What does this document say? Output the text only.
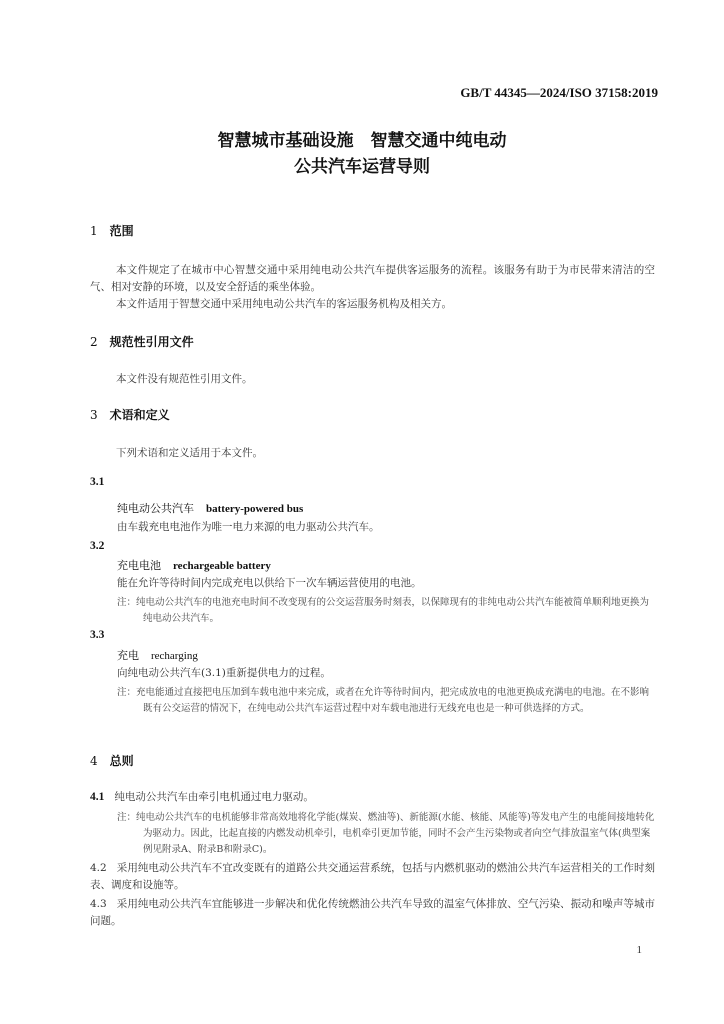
GB/T 44345—2024/ISO 37158:2019
智慧城市基础设施　智慧交通中纯电动
公共汽车运营导则
1 范围
本文件规定了在城市中心智慧交通中采用纯电动公共汽车提供客运服务的流程。该服务有助于为市民带来清洁的空气、相对安静的环境，以及安全舒适的乘坐体验。
本文件适用于智慧交通中采用纯电动公共汽车的客运服务机构及相关方。
2 规范性引用文件
本文件没有规范性引用文件。
3 术语和定义
下列术语和定义适用于本文件。
3.1
纯电动公共汽车 battery-powered bus
由车载充电电池作为唯一电力来源的电力驱动公共汽车。
3.2
充电电池 rechargeable battery
能在允许等待时间内完成充电以供给下一次车辆运营使用的电池。
注：纯电动公共汽车的电池充电时间不改变现有的公交运营服务时刻表，以保障现有的非纯电动公共汽车能被简单顺利地更换为纯电动公共汽车。
3.3
充电 recharging
向纯电动公共汽车(3.1)重新提供电力的过程。
注：充电能通过直接把电压加到车载电池中来完成，或者在允许等待时间内，把完成放电的电池更换成充满电的电池。在不影响既有公交运营的情况下，在纯电动公共汽车运营过程中对车载电池进行无线充电也是一种可供选择的方式。
4 总则
4.1 纯电动公共汽车由牵引电机通过电力驱动。
注：纯电动公共汽车的电机能够非常高效地将化学能(煤炭、燃油等)、新能源(水能、核能、风能等)等发电产生的电能间接地转化为驱动力。因此，比起直接的内燃发动机牵引，电机牵引更加节能，同时不会产生污染物或者向空气排放温室气体(典型案例见附录A、附录B和附录C)。
4.2 采用纯电动公共汽车不宜改变既有的道路公共交通运营系统，包括与内燃机驱动的燃油公共汽车运营相关的工作时刻表、调度和设施等。
4.3 采用纯电动公共汽车宜能够进一步解决和优化传统燃油公共汽车导致的温室气体排放、空气污染、振动和噪声等城市问题。
1
